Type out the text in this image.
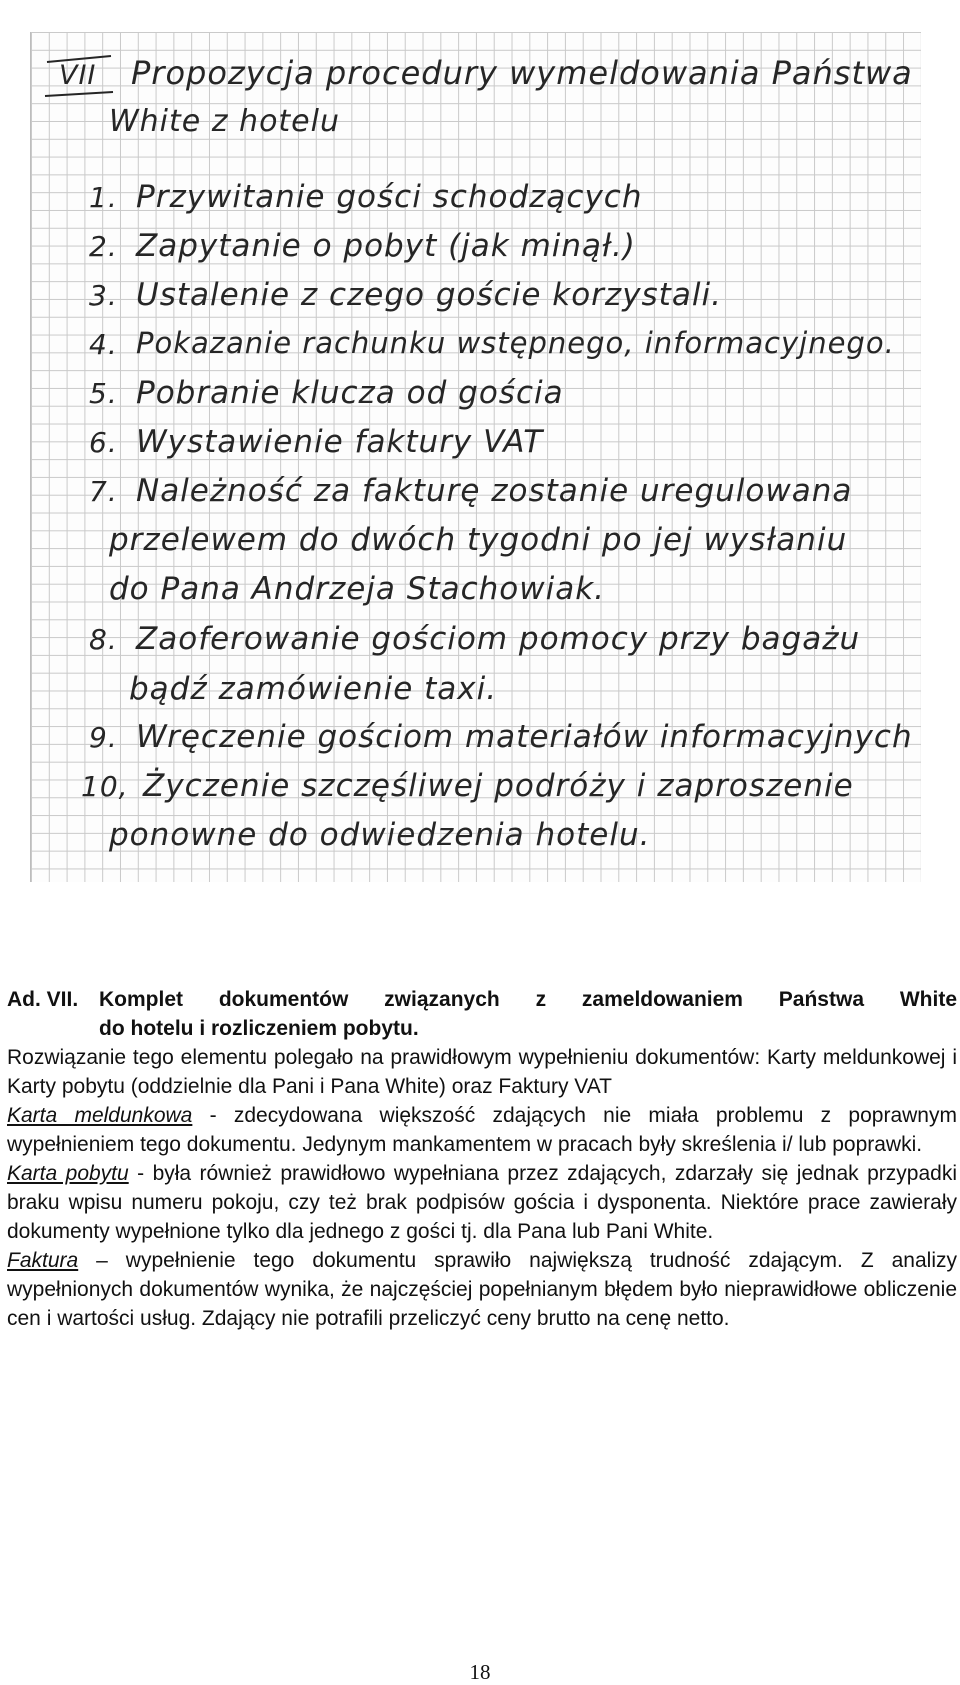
VII Propozycja procedury wymeldowania Państwa
White z hotelu
1. Przywitanie gości schodzących
2. Zapytanie o pobyt (jak minął.)
3. Ustalenie z czego goście korzystali.
4. Pokazanie rachunku wstępnego, informacyjnego.
5. Pobranie klucza od gościa
6. Wystawienie faktury VAT
7. Należność za fakturę zostanie uregulowana
przelewem do dwóch tygodni po jej wysłaniu
do Pana Andrzeja Stachowiak.
8. Zaoferowanie gościom pomocy przy bagażu
bądź zamówienie taxi.
9. Wręczenie gościom materiałów informacyjnych
10, Życzenie szczęśliwej podróży i zaproszenie
ponowne do odwiedzenia hotelu.
Ad. VII. Komplet dokumentów związanych z zameldowaniem Państwa White
do hotelu i rozliczeniem pobytu.

Rozwiązanie tego elementu polegało na prawidłowym wypełnieniu dokumentów: Karty meldunkowej i Karty pobytu (oddzielnie dla Pani i Pana White) oraz Faktury VAT

Karta meldunkowa - zdecydowana większość zdających nie miała problemu z poprawnym wypełnieniem tego dokumentu. Jedynym mankamentem w pracach były skreślenia i/ lub poprawki.

Karta pobytu - była również prawidłowo wypełniana przez zdających, zdarzały się jednak przypadki braku wpisu numeru pokoju, czy też brak podpisów gościa i dysponenta. Niektóre prace zawierały dokumenty wypełnione tylko dla jednego z gości tj. dla Pana lub Pani White.

Faktura – wypełnienie tego dokumentu sprawiło największą trudność zdającym. Z analizy wypełnionych dokumentów wynika, że najczęściej popełnianym błędem było nieprawidłowe obliczenie cen i wartości usług. Zdający nie potrafili przeliczyć ceny brutto na cenę netto.

18
